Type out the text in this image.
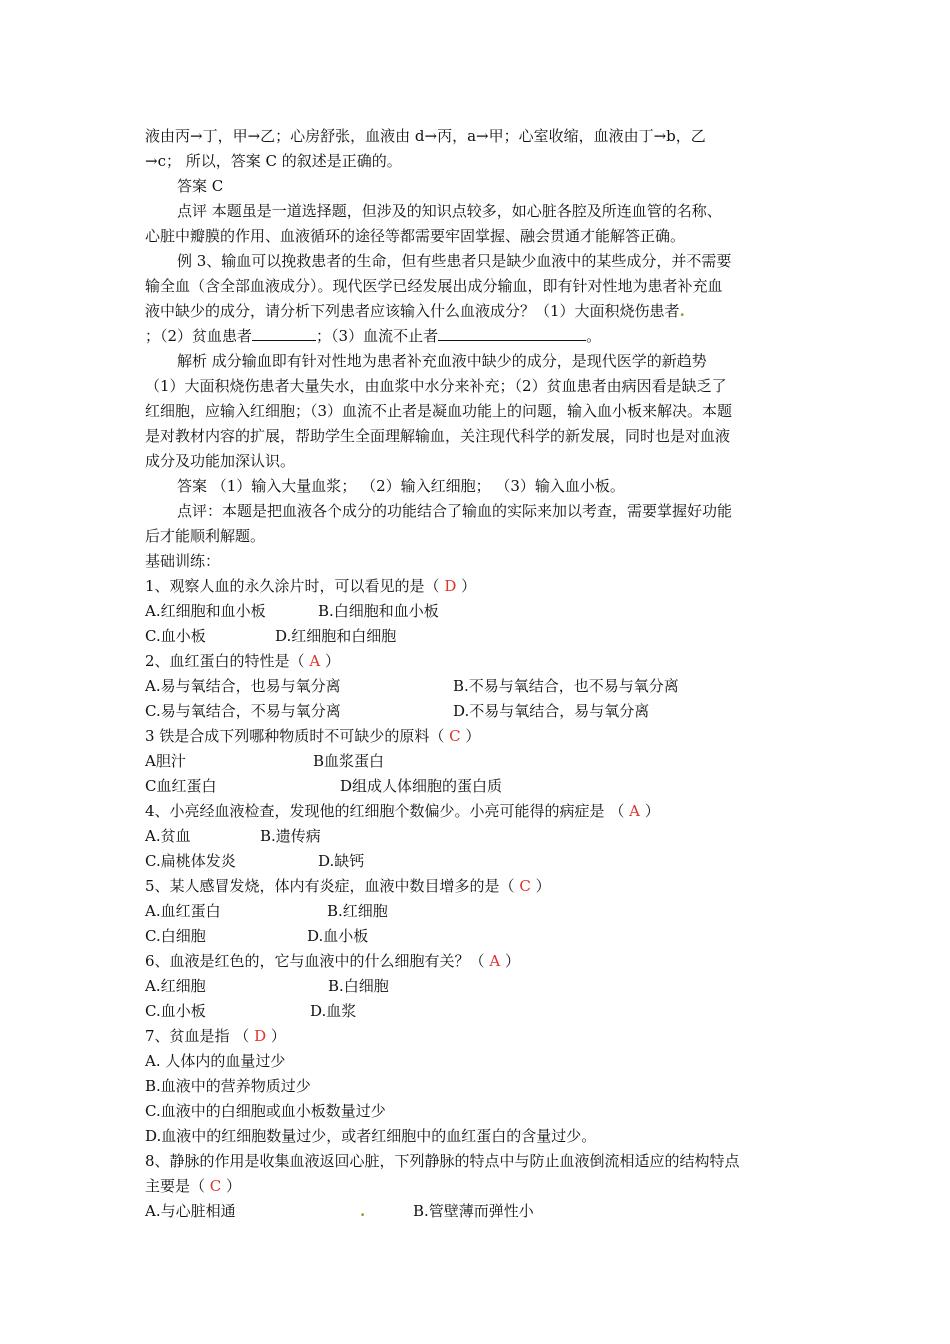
液由丙→丁，甲→乙；心房舒张，血液由 d→丙，a→甲；心室收缩，血液由丁→b，乙
→c； 所以，答案 C 的叙述是正确的。
答案 C
点评 本题虽是一道选择题，但涉及的知识点较多，如心脏各腔及所连血管的名称、
心脏中瓣膜的作用、血液循环的途径等都需要牢固掌握、融会贯通才能解答正确。
例 3、输血可以挽救患者的生命，但有些患者只是缺少血液中的某些成分，并不需要
输全血（含全部血液成分）。现代医学已经发展出成分输血，即有针对性地为患者补充血
液中缺少的成分，请分析下列患者应该输入什么血液成分？（1）大面积烧伤患者.
；（2）贫血患者	；（3）血流不止者	。
解析 成分输血即有针对性地为患者补充血液中缺少的成分，是现代医学的新趋势
（1）大面积烧伤患者大量失水，由血浆中水分来补充；（2）贫血患者由病因看是缺乏了
红细胞，应输入红细胞；（3）血流不止者是凝血功能上的问题，输入血小板来解决。本题
是对教材内容的扩展，帮助学生全面理解输血，关注现代科学的新发展，同时也是对血液
成分及功能加深认识。
答案 （1）输入大量血浆； （2）输入红细胞； （3）输入血小板。
点评：本题是把血液各个成分的功能结合了输血的实际来加以考查，需要掌握好功能
后才能顺利解题。
基础训练：
1、观察人血的永久涂片时，可以看见的是（ D ）
A.红细胞和血小板	B.白细胞和血小板
C.血小板	D.红细胞和白细胞
2、血红蛋白的特性是（ A ）
A.易与氧结合，也易与氧分离	B.不易与氧结合，也不易与氧分离
C.易与氧结合，不易与氧分离	D.不易与氧结合，易与氧分离
3 铁是合成下列哪种物质时不可缺少的原料（ C ）
A胆汁	B血浆蛋白
C血红蛋白	D组成人体细胞的蛋白质
4、小亮经血液检查，发现他的红细胞个数偏少。小亮可能得的病症是 （ A ）
A.贫血	B.遗传病
C.扁桃体发炎	D.缺钙
5、某人感冒发烧，体内有炎症，血液中数目增多的是（ C ）
A.血红蛋白	B.红细胞
C.白细胞	D.血小板
6、血液是红色的，它与血液中的什么细胞有关？（ A ）
A.红细胞	B.白细胞
C.血小板	D.血浆
7、贫血是指 （ D ）
A. 人体内的血量过少
B.血液中的营养物质过少
C.血液中的白细胞或血小板数量过少
D.血液中的红细胞数量过少，或者红细胞中的血红蛋白的含量过少。
8、静脉的作用是收集血液返回心脏，下列静脉的特点中与防止血液倒流相适应的结构特点
主要是（ C ）
A.与心脏相通	.	B.管壁薄而弹性小
